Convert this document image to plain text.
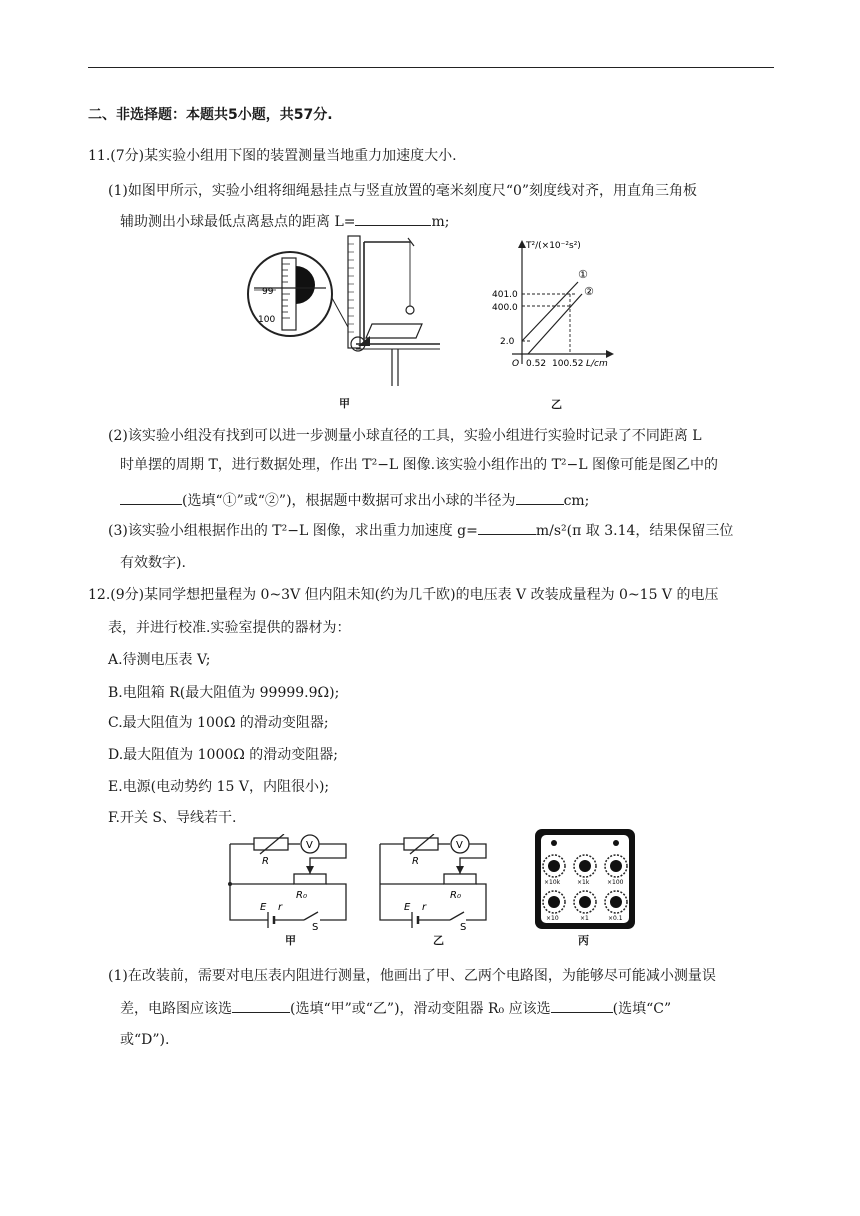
二、非选择题：本题共5小题，共57分.
11.(7分)某实验小组用下图的装置测量当地重力加速度大小.
(1)如图甲所示，实验小组将细绳悬挂点与竖直放置的毫米刻度尺“0”刻度线对齐，用直角三角板
辅助测出小球最低点离悬点的距离 L=	m;
99
100
甲
T²/(×10⁻²s²)
401.0
400.0
2.0
O 0.52 100.52 L/cm
①
②
乙
(2)该实验小组没有找到可以进一步测量小球直径的工具，实验小组进行实验时记录了不同距离 L
时单摆的周期 T，进行数据处理，作出 T²−L 图像.该实验小组作出的 T²−L 图像可能是图乙中的
(选填“①”或“②”)，根据题中数据可求出小球的半径为	cm;
(3)该实验小组根据作出的 T²−L 图像，求出重力加速度 g=	m/s²(π 取 3.14，结果保留三位
有效数字).
12.(9分)某同学想把量程为 0~3V 但内阻未知(约为几千欧)的电压表 V 改装成量程为 0~15 V 的电压
表，并进行校准.实验室提供的器材为：
A.待测电压表 V;
B.电阻箱 R(最大阻值为 99999.9Ω);
C.最大阻值为 100Ω 的滑动变阻器;
D.最大阻值为 1000Ω 的滑动变阻器;
E.电源(电动势约 15 V，内阻很小);
F.开关 S、导线若干.
R
V
R₀
E r
S
甲
R
V
R₀
E r
S
乙
×10k	×1k	×100
×10	×1	×0.1
丙
(1)在改装前，需要对电压表内阻进行测量，他画出了甲、乙两个电路图，为能够尽可能减小测量误
差，电路图应该选	(选填“甲”或“乙”)，滑动变阻器 R₀ 应该选	(选填“C”
或“D”).
